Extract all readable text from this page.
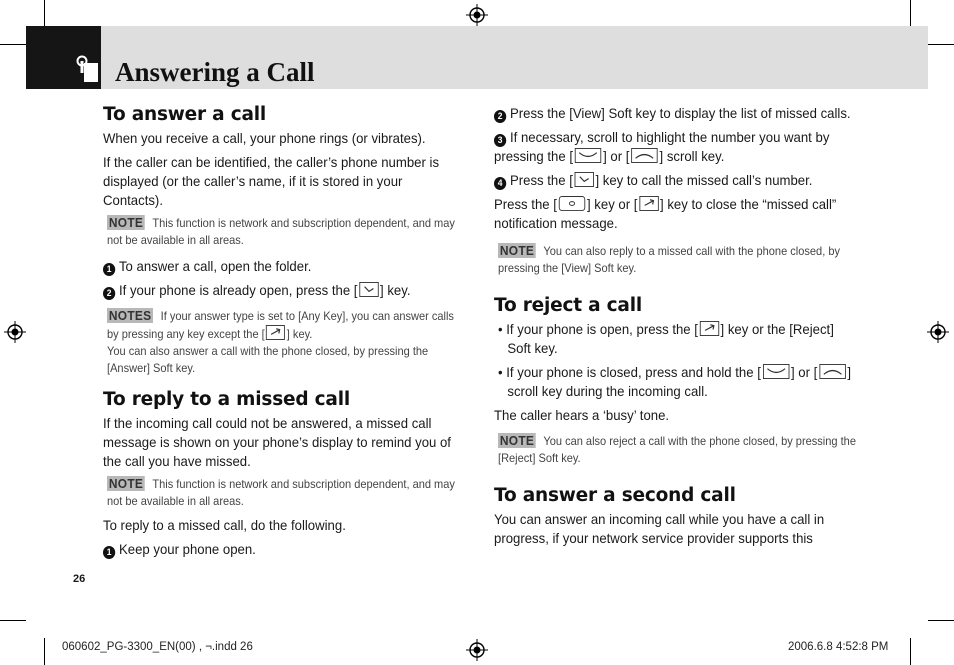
Answering a Call
To answer a call

When you receive a call, your phone rings (or vibrates).

If the caller can be identified, the caller’s phone number is displayed (or the caller’s name, if it is stored in your Contacts).

NOTE This function is network and subscription dependent, and may not be available in all areas.
1 To answer a call, open the folder.
2 If your phone is already open, press the [ ] key.
NOTES If your answer type is set to [Any Key], you can answer calls by pressing any key except the [ ] key.
You can also answer a call with the phone closed, by pressing the [Answer] Soft key.
To reply to a missed call

If the incoming call could not be answered, a missed call message is shown on your phone’s display to remind you of the call you have missed.

NOTE This function is network and subscription dependent, and may not be available in all areas.

To reply to a missed call, do the following.

1 Keep your phone open.
2 Press the [View] Soft key to display the list of missed calls.
3 If necessary, scroll to highlight the number you want by pressing the [ ] or [ ] scroll key.
4 Press the [ ] key to call the missed call’s number.

Press the [ ] key or [ ] key to close the “missed call” notification message.

NOTE You can also reply to a missed call with the phone closed, by pressing the [View] Soft key.
To reject a call
• If your phone is open, press the [ ] key or the [Reject] Soft key.
• If your phone is closed, press and hold the [ ] or [ ] scroll key during the incoming call.

The caller hears a ‘busy’ tone.

NOTE You can also reject a call with the phone closed, by pressing the [Reject] Soft key.
To answer a second call

You can answer an incoming call while you have a call in progress, if your network service provider supports this

26
060602_PG-3300_EN(00) , ¬.indd 26	2006.6.8 4:52:8 PM
